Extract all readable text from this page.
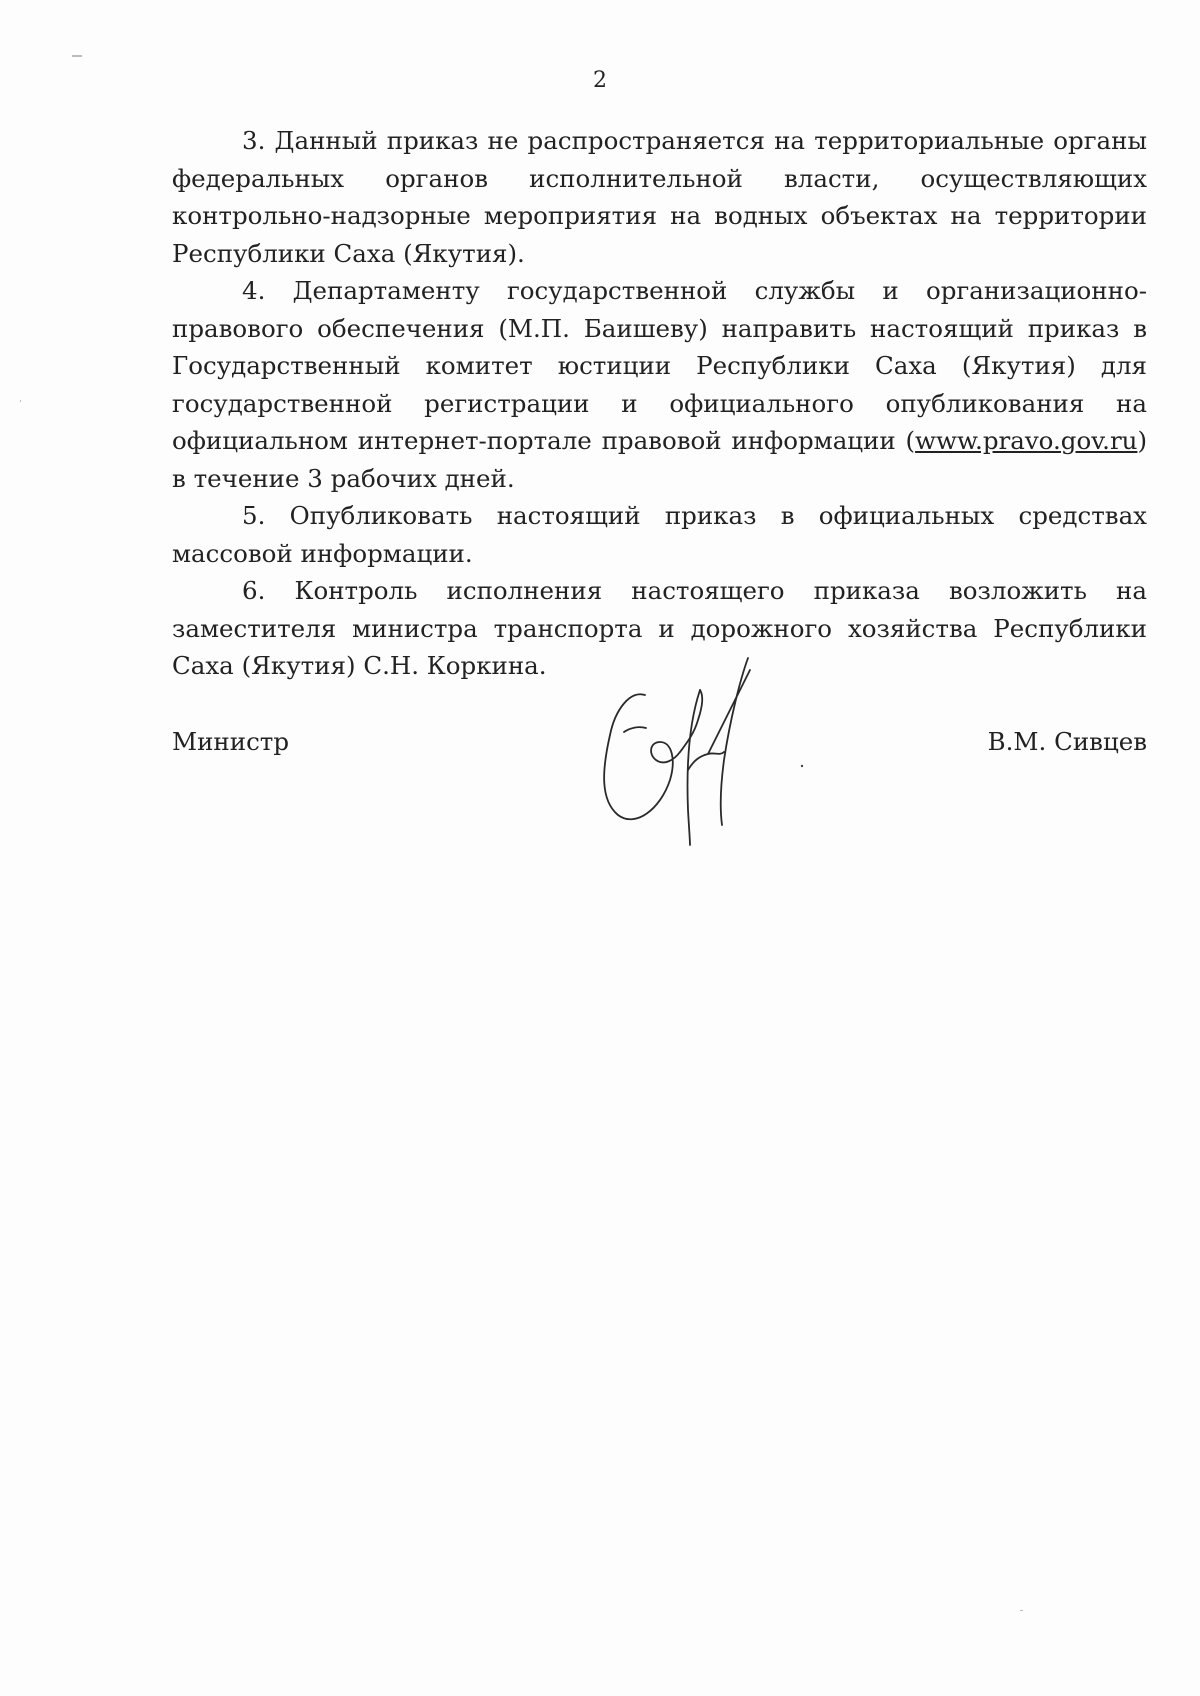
2

3. Данный приказ не распространяется на территориальные органы федеральных органов исполнительной власти, осуществляющих контрольно-надзорные мероприятия на водных объектах на территории Республики Саха (Якутия).

4. Департаменту государственной службы и организационно-правового обеспечения (М.П. Баишеву) направить настоящий приказ в Государственный комитет юстиции Республики Саха (Якутия) для государственной регистрации и официального опубликования на официальном интернет-портале правовой информации (www.pravo.gov.ru) в течение 3 рабочих дней.

5. Опубликовать настоящий приказ в официальных средствах массовой информации.

6. Контроль исполнения настоящего приказа возложить на заместителя министра транспорта и дорожного хозяйства Республики Саха (Якутия) С.Н. Коркина.

Министр	В.М. Сивцев
